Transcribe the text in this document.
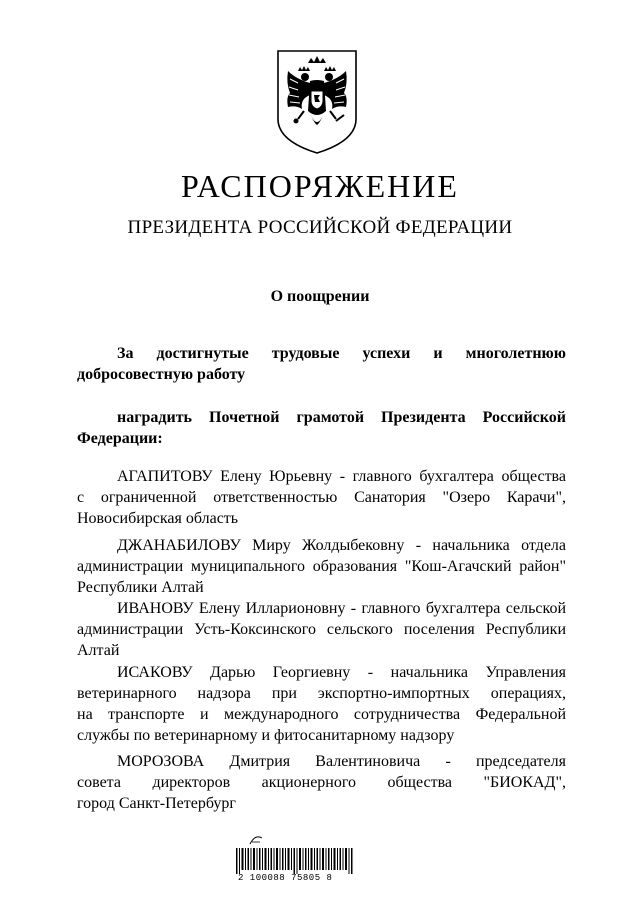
РАСПОРЯЖЕНИЕ
ПРЕЗИДЕНТА РОССИЙСКОЙ ФЕДЕРАЦИИ
О поощрении
За достигнутые трудовые успехи и многолетнюю
добросовестную работу
наградить Почетной грамотой Президента Российской
Федерации:
АГАПИТОВУ Елену Юрьевну - главного бухгалтера общества
с ограниченной ответственностью Санатория "Озеро Карачи",
Новосибирская область
ДЖАНАБИЛОВУ Миру Жолдыбековну - начальника отдела
администрации муниципального образования "Кош-Агачский район"
Республики Алтай
ИВАНОВУ Елену Илларионовну - главного бухгалтера сельской
администрации Усть-Коксинского сельского поселения Республики
Алтай
ИСАКОВУ Дарью Георгиевну - начальника Управления
ветеринарного надзора при экспортно-импортных операциях,
на транспорте и международного сотрудничества Федеральной
службы по ветеринарному и фитосанитарному надзору
МОРОЗОВА Дмитрия Валентиновича - председателя
совета директоров акционерного общества "БИОКАД",
город Санкт-Петербург
2 100088 75805 8
